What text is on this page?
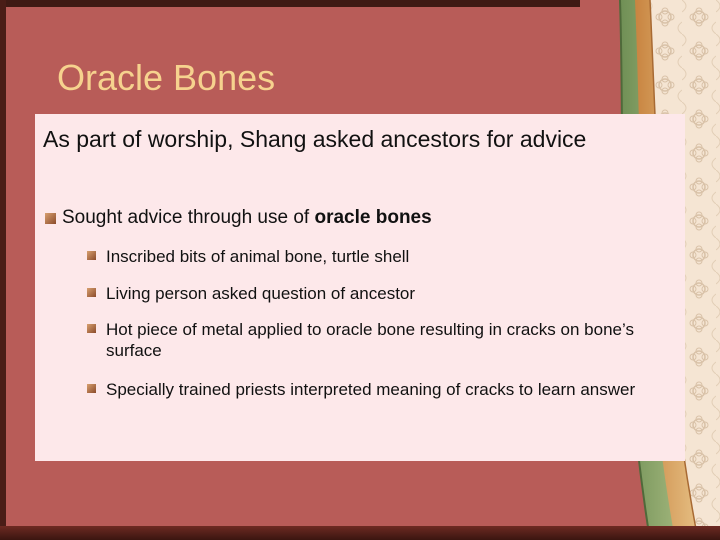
Oracle Bones

As part of worship, Shang asked ancestors for advice

Sought advice through use of oracle bones
Inscribed bits of animal bone, turtle shell
Living person asked question of ancestor
Hot piece of metal applied to oracle bone resulting in cracks on bone’s surface
Specially trained priests interpreted meaning of cracks to learn answer
